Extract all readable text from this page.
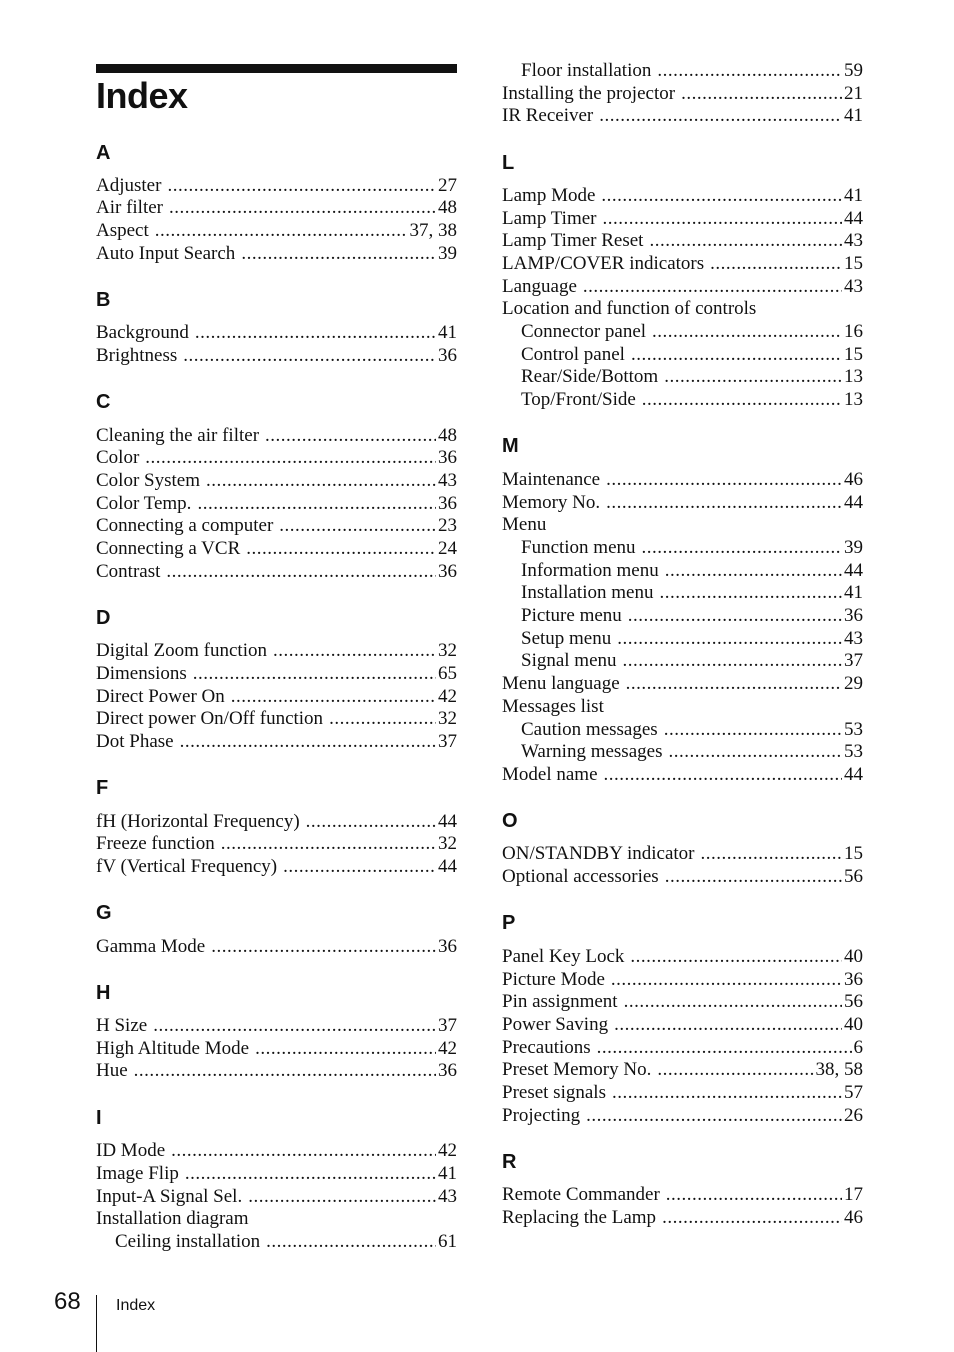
Index
A
Adjuster .....	27
Air filter .....	48
Aspect .....	37, 38
Auto Input Search .....	39
B
Background .....	41
Brightness .....	36
C
Cleaning the air filter .....	48
Color .....	36
Color System .....	43
Color Temp. .....	36
Connecting a computer .....	23
Connecting a VCR .....	24
Contrast .....	36
D
Digital Zoom function .....	32
Dimensions .....	65
Direct Power On .....	42
Direct power On/Off function .....	32
Dot Phase .....	37
F
fH (Horizontal Frequency) .....	44
Freeze function .....	32
fV (Vertical Frequency) .....	44
G
Gamma Mode .....	36
H
H Size .....	37
High Altitude Mode .....	42
Hue .....	36
I
ID Mode .....	42
Image Flip .....	41
Input-A Signal Sel. .....	43
Installation diagram
Ceiling installation .....	61
Floor installation .....	59
Installing the projector .....	21
IR Receiver .....	41
L
Lamp Mode .....	41
Lamp Timer .....	44
Lamp Timer Reset .....	43
LAMP/COVER indicators .....	15
Language .....	43
Location and function of controls
Connector panel .....	16
Control panel .....	15
Rear/Side/Bottom .....	13
Top/Front/Side .....	13
M
Maintenance .....	46
Memory No. .....	44
Menu
Function menu .....	39
Information menu .....	44
Installation menu .....	41
Picture menu .....	36
Setup menu .....	43
Signal menu .....	37
Menu language .....	29
Messages list
Caution messages .....	53
Warning messages .....	53
Model name .....	44
O
ON/STANDBY indicator .....	15
Optional accessories .....	56
P
Panel Key Lock .....	40
Picture Mode .....	36
Pin assignment .....	56
Power Saving .....	40
Precautions .....	6
Preset Memory No. .....	38, 58
Preset signals .....	57
Projecting .....	26
R
Remote Commander .....	17
Replacing the Lamp .....	46
68 Index
